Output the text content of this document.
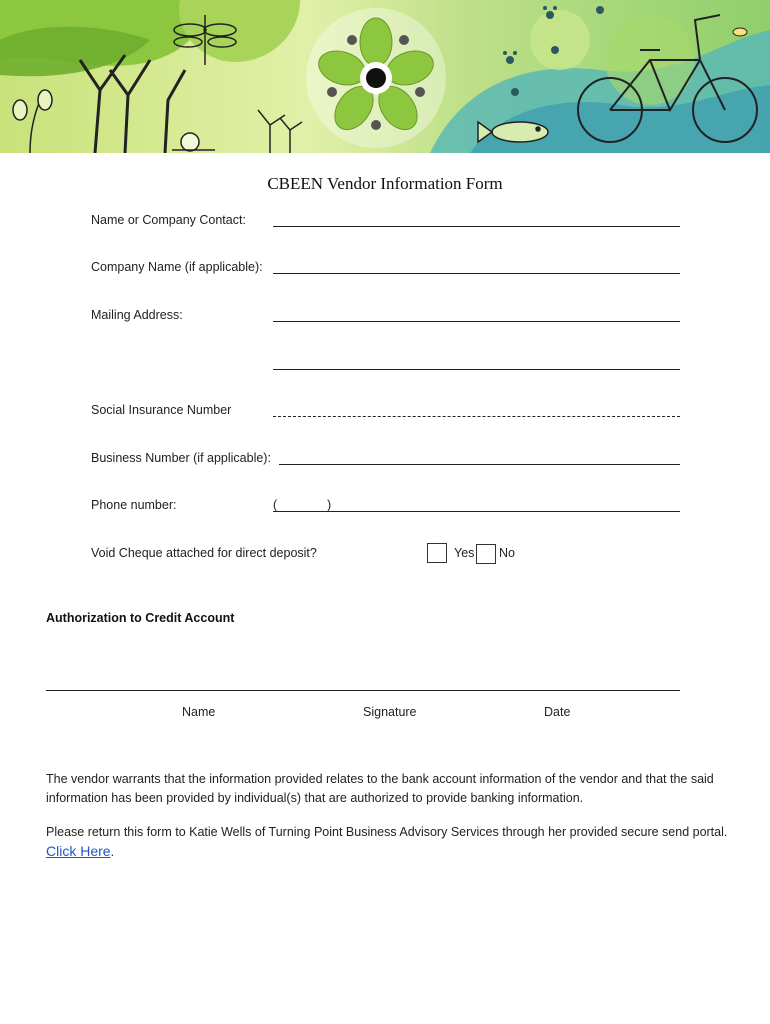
CBEEN Vendor Information Form
Name or Company Contact:
Company Name (if applicable):
Mailing Address:
Social Insurance Number
Business Number (if applicable):
Phone number:	(	)
Void Cheque attached for direct deposit?	Yes No
Authorization to Credit Account
Name	Signature	Date
The vendor warrants that the information provided relates to the bank account information of the vendor and that the said information has been provided by individual(s) that are authorized to provide banking information.
Please return this form to Katie Wells of Turning Point Business Advisory Services through her provided secure send portal. Click Here.
